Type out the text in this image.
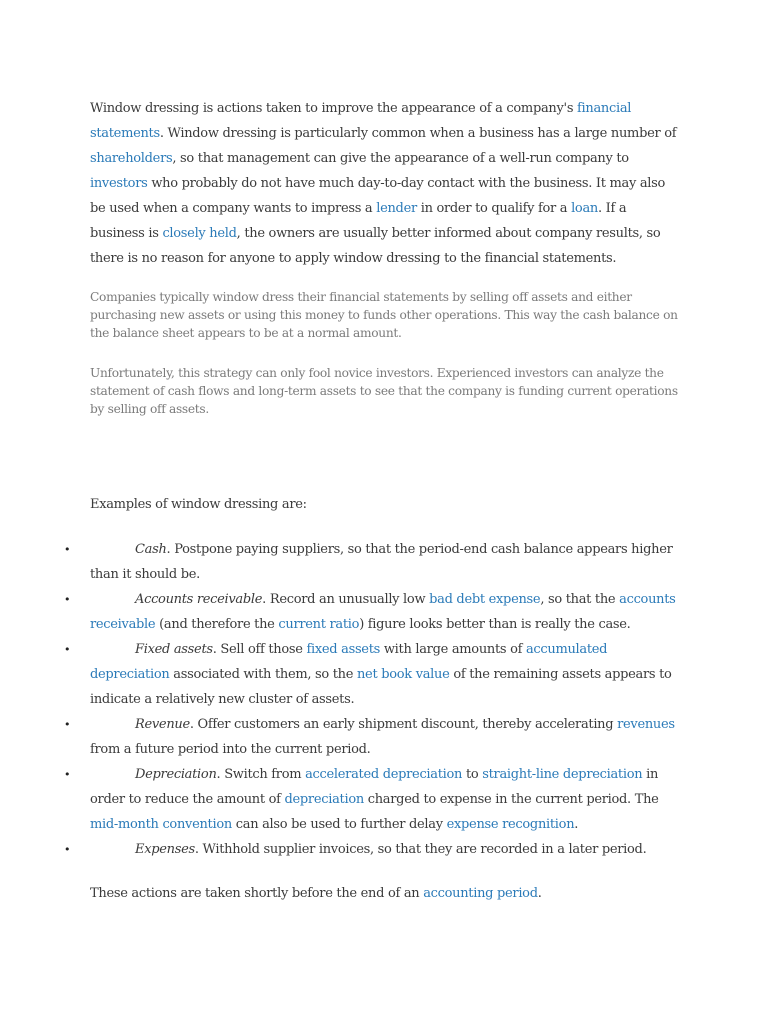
Window dressing is actions taken to improve the appearance of a company's financial statements. Window dressing is particularly common when a business has a large number of shareholders, so that management can give the appearance of a well-run company to investors who probably do not have much day-to-day contact with the business. It may also be used when a company wants to impress a lender in order to qualify for a loan. If a business is closely held, the owners are usually better informed about company results, so there is no reason for anyone to apply window dressing to the financial statements.

Companies typically window dress their financial statements by selling off assets and either purchasing new assets or using this money to funds other operations. This way the cash balance on the balance sheet appears to be at a normal amount.

Unfortunately, this strategy can only fool novice investors. Experienced investors can analyze the statement of cash flows and long-term assets to see that the company is funding current operations by selling off assets.

Examples of window dressing are:

•	Cash. Postpone paying suppliers, so that the period-end cash balance appears higher than it should be.
•	Accounts receivable. Record an unusually low bad debt expense, so that the accounts receivable (and therefore the current ratio) figure looks better than is really the case.
•	Fixed assets. Sell off those fixed assets with large amounts of accumulated depreciation associated with them, so the net book value of the remaining assets appears to indicate a relatively new cluster of assets.
•	Revenue. Offer customers an early shipment discount, thereby accelerating revenues from a future period into the current period.
•	Depreciation. Switch from accelerated depreciation to straight-line depreciation in order to reduce the amount of depreciation charged to expense in the current period. The mid-month convention can also be used to further delay expense recognition.
•	Expenses. Withhold supplier invoices, so that they are recorded in a later period.

These actions are taken shortly before the end of an accounting period.
